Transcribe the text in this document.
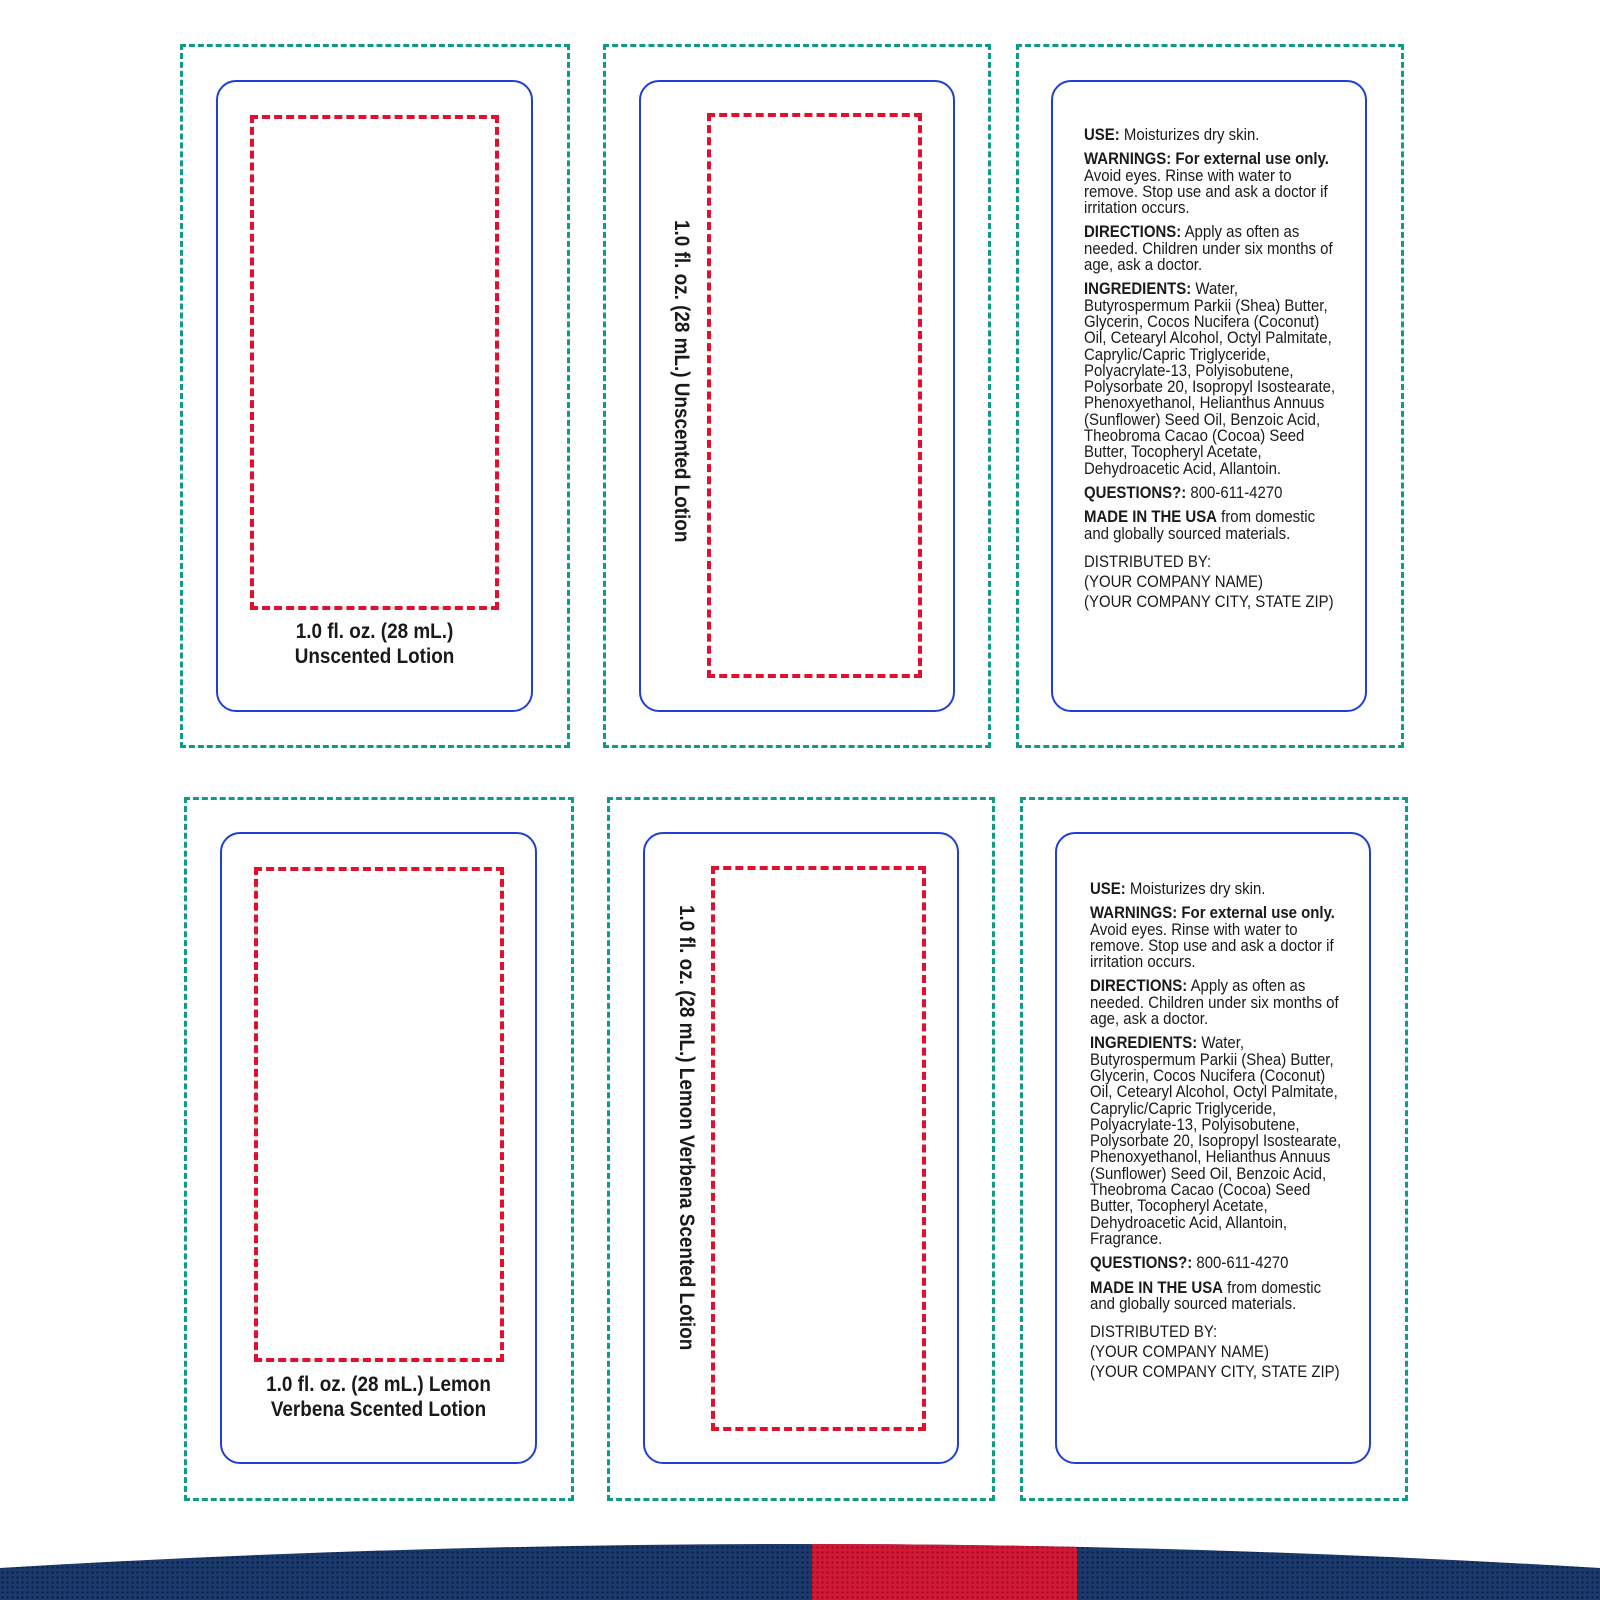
1.0 fl. oz. (28 mL.)
Unscented Lotion
1.0 fl. oz. (28 mL.) Unscented Lotion

USE: Moisturizes dry skin.

WARNINGS: For external use only. Avoid eyes. Rinse with water to remove. Stop use and ask a doctor if irritation occurs.

DIRECTIONS: Apply as often as needed. Children under six months of age, ask a doctor.

INGREDIENTS: Water, Butyrospermum Parkii (Shea) Butter, Glycerin, Cocos Nucifera (Coconut) Oil, Cetearyl Alcohol, Octyl Palmitate, Caprylic/Capric Triglyceride, Polyacrylate-13, Polyisobutene, Polysorbate 20, Isopropyl Isostearate, Phenoxyethanol, Helianthus Annuus (Sunflower) Seed Oil, Benzoic Acid, Theobroma Cacao (Cocoa) Seed Butter, Tocopheryl Acetate, Dehydroacetic Acid, Allantoin.

QUESTIONS?: 800-611-4270

MADE IN THE USA from domestic and globally sourced materials.

DISTRIBUTED BY:
(YOUR COMPANY NAME)
(YOUR COMPANY CITY, STATE ZIP)
1.0 fl. oz. (28 mL.) Lemon
Verbena Scented Lotion
1.0 fl. oz. (28 mL.) Lemon Verbena Scented Lotion

USE: Moisturizes dry skin.

WARNINGS: For external use only. Avoid eyes. Rinse with water to remove. Stop use and ask a doctor if irritation occurs.

DIRECTIONS: Apply as often as needed. Children under six months of age, ask a doctor.

INGREDIENTS: Water, Butyrospermum Parkii (Shea) Butter, Glycerin, Cocos Nucifera (Coconut) Oil, Cetearyl Alcohol, Octyl Palmitate, Caprylic/Capric Triglyceride, Polyacrylate-13, Polyisobutene, Polysorbate 20, Isopropyl Isostearate, Phenoxyethanol, Helianthus Annuus (Sunflower) Seed Oil, Benzoic Acid, Theobroma Cacao (Cocoa) Seed Butter, Tocopheryl Acetate, Dehydroacetic Acid, Allantoin, Fragrance.

QUESTIONS?: 800-611-4270

MADE IN THE USA from domestic and globally sourced materials.

DISTRIBUTED BY:
(YOUR COMPANY NAME)
(YOUR COMPANY CITY, STATE ZIP)
